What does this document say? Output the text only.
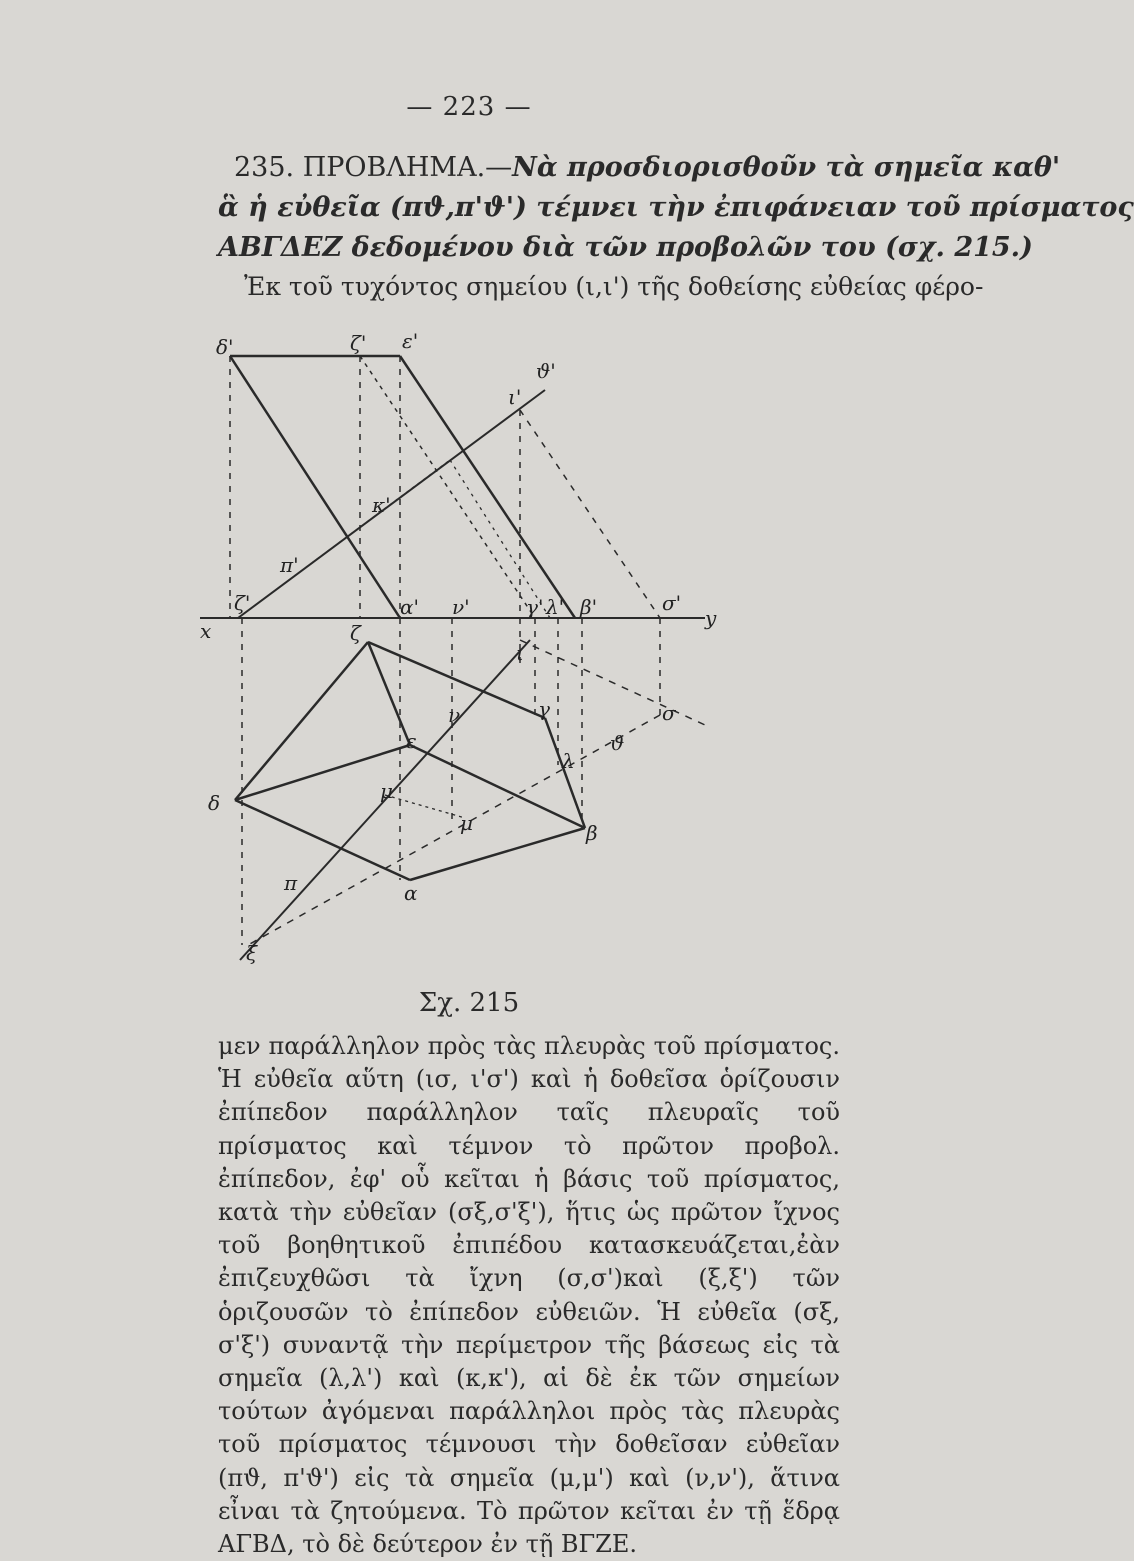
— 223 —
235. ΠΡΟΒΛΗΜΑ.—Νὰ προσδιορισθοῦν τὰ σημεῖα καθ'
ἃ ἡ εὐθεῖα (πϑ,π'ϑ') τέμνει τὴν ἐπιφάνειαν τοῦ πρίσματος
ΑΒΓΔΕΖ δεδομένου διὰ τῶν προβολῶν του (σχ. 215.)
Ἐκ τοῦ τυχόντος σημείου (ι,ι') τῆς δοθείσης εὐθείας φέρο-
δ'	ζ' ε'
ϑ'
ι'
κ'
π'
ζ'	α' ν'	γ' λ' β'	σ'
x
y
ζ
ι
ν	γ
ε
λ
σ
ϑ
δ	μ
μ	β
α
π
ξ
Σχ. 215

μεν παράλληλον πρὸς τὰς πλευρὰς τοῦ πρίσματος. Ἡ εὐθεῖα αὕτη (ισ, ι'σ') καὶ ἡ δοθεῖσα ὁρίζουσιν ἐπίπεδον παράλληλον ταῖς πλευραῖς τοῦ πρίσματος καὶ τέμνον τὸ πρῶτον προβολ. ἐπίπεδον, ἐφ' οὗ κεῖται ἡ βάσις τοῦ πρίσματος, κατὰ τὴν εὐθεῖαν (σξ,σ'ξ'), ἥτις ὡς πρῶτον ἴχνος τοῦ βοηθητικοῦ ἐπιπέδου κατασκευάζεται,ἐὰν ἐπιζευχθῶσι τὰ ἴχνη (σ,σ')καὶ (ξ,ξ') τῶν ὁριζουσῶν τὸ ἐπίπεδον εὐθειῶν. Ἡ εὐθεῖα (σξ, σ'ξ') συναντᾷ τὴν περίμετρον τῆς βάσεως εἰς τὰ σημεῖα (λ,λ') καὶ (κ,κ'), αἱ δὲ ἐκ τῶν σημείων τούτων ἀγόμεναι παράλληλοι πρὸς τὰς πλευρὰς τοῦ πρίσματος τέμνουσι τὴν δοθεῖσαν εὐθεῖαν (πϑ, π'ϑ') εἰς τὰ σημεῖα (μ,μ') καὶ (ν,ν'), ἅτινα εἶναι τὰ ζητούμενα. Τὸ πρῶτον κεῖται ἐν τῇ ἕδρᾳ ΑΓΒΔ, τὸ δὲ δεύτερον ἐν τῇ ΒΓΖΕ.
